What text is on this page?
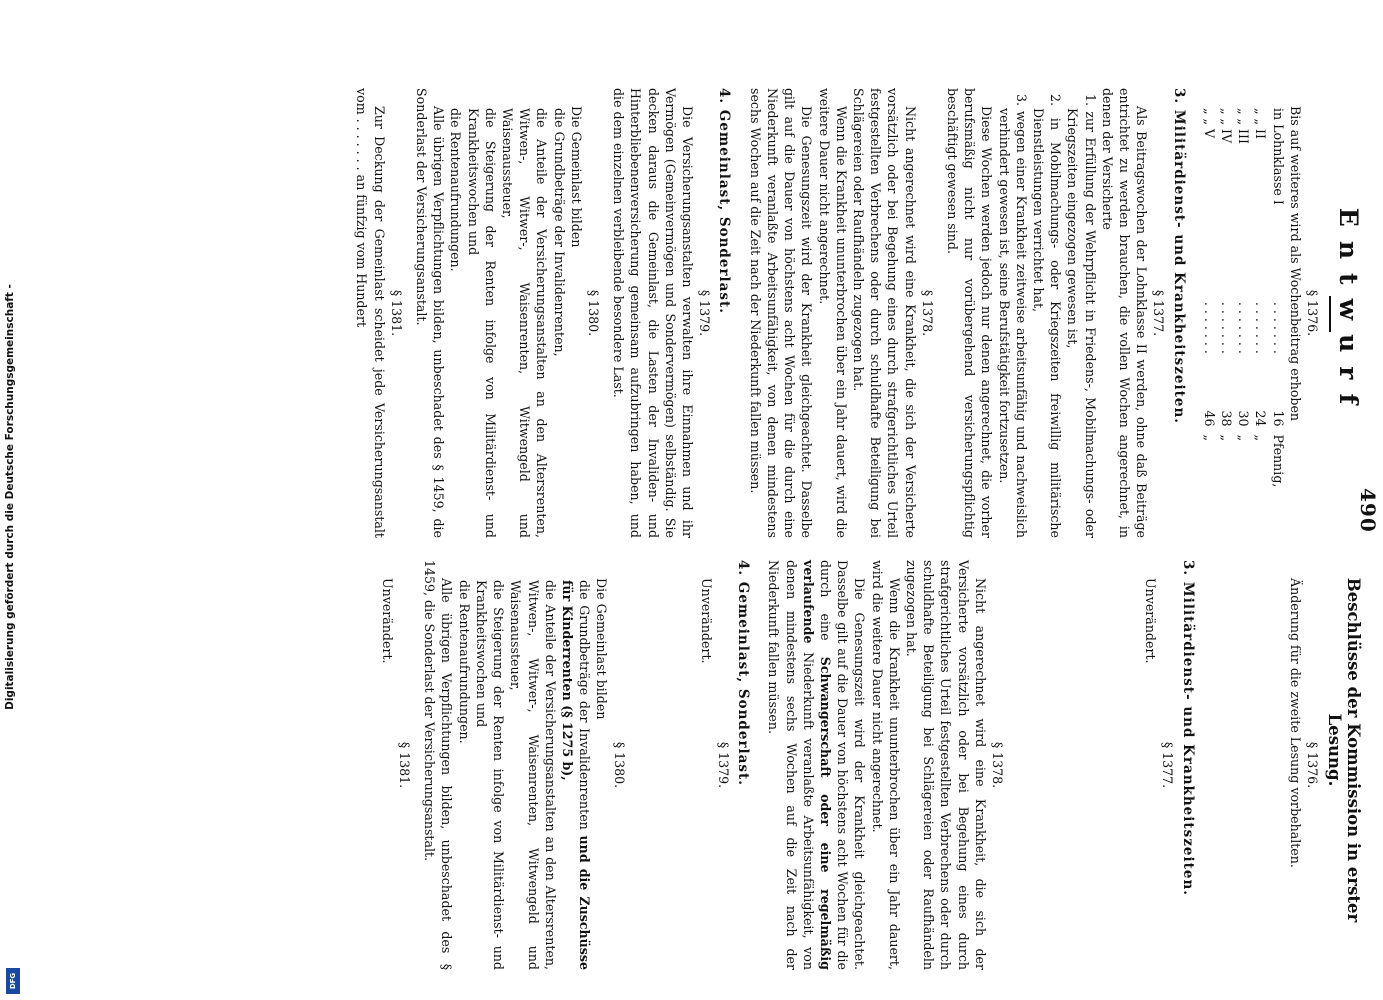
490
Entwurf
Beschlüsse der Kommission in erster Lesung.

§ 1376.

Bis auf weiteres wird als Wochenbeitrag erhoben

in Lohnklasse I	. . . . . . .	16	Pfennig,
„ „ II	. . . . . . .	24	„
„ „ III	. . . . . . .	30	„
„ „ IV	. . . . . . .	38	„
„ „ V	. . . . . . .	46	„

3. Militärdienst- und Krankheitszeiten.

§ 1377.

Als Beitragswochen der Lohnklasse II werden, ohne daß Beiträge entrichtet zu werden brauchen, die vollen Wochen angerechnet, in denen der Versicherte

1. zur Erfüllung der Wehrpflicht in Friedens-, Mobilmachungs- oder Kriegszeiten eingezogen gewesen ist,

2. in Mobilmachungs- oder Kriegszeiten freiwillig militärische Dienstleistungen verrichtet hat,

3. wegen einer Krankheit zeitweise arbeitsunfähig und nachweislich verhindert gewesen ist, seine Berufstätigkeit fortzusetzen.

Diese Wochen werden jedoch nur denen angerechnet, die vorher berufsmäßig nicht nur vorübergehend versicherungspflichtig beschäftigt gewesen sind.

§ 1378.

Nicht angerechnet wird eine Krankheit, die sich der Versicherte vorsätzlich oder bei Begehung eines durch strafgerichtliches Urteil festgestellten Verbrechens oder durch schuldhafte Beteiligung bei Schlägereien oder Raufhändeln zugezogen hat.

Wenn die Krankheit ununterbrochen über ein Jahr dauert, wird die weitere Dauer nicht angerechnet.

Die Genesungszeit wird der Krankheit gleichgeachtet. Dasselbe gilt auf die Dauer von höchstens acht Wochen für die durch eine Niederkunft veranlaßte Arbeitsunfähigkeit, von denen mindestens sechs Wochen auf die Zeit nach der Niederkunft fallen müssen.

4. Gemeinlast, Sonderlast.

§ 1379.

Die Versicherungsanstalten verwalten ihre Einnahmen und ihr Vermögen (Gemeinvermögen und Sondervermögen) selbständig. Sie decken daraus die Gemeinlast, die Lasten der Invaliden- und Hinterbliebenenversicherung gemeinsam aufzubringen haben, und die dem einzelnen verbleibende besondere Last.

§ 1380.

Die Gemeinlast bilden

die Grundbeträge der Invalidenrenten,

die Anteile der Versicherungsanstalten an den Altersrenten, Witwen-, Witwer-, Waisenrenten, Witwengeld und Waisenaussteuer,

die Steigerung der Renten infolge von Militärdienst- und Krankheitswochen und

die Rentenaufrundungen.

Alle übrigen Verpflichtungen bilden, unbeschadet des § 1459, die Sonderlast der Versicherungsanstalt.

§ 1381.

Zur Deckung der Gemeinlast scheidet jede Versicherungsanstalt vom . . . . . . . an fünfzig vom Hundert

§ 1376.

Änderung für die zweite Lesung vorbehalten.

3. Militärdienst- und Krankheitszeiten.

§ 1377.

Unverändert.

§ 1378.

Nicht angerechnet wird eine Krankheit, die sich der Versicherte vorsätzlich oder bei Begehung eines durch strafgerichtliches Urteil festgestellten Verbrechens oder durch schuldhafte Beteiligung bei Schlägereien oder Raufhändeln zugezogen hat.

Wenn die Krankheit ununterbrochen über ein Jahr dauert, wird die weitere Dauer nicht angerechnet.

Die Genesungszeit wird der Krankheit gleichgeachtet. Dasselbe gilt auf die Dauer von höchstens acht Wochen für die durch eine Schwangerschaft oder eine regelmäßig verlaufende Niederkunft veranlaßte Arbeitsunfähigkeit, von denen mindestens sechs Wochen auf die Zeit nach der Niederkunft fallen müssen.

4. Gemeinlast, Sonderlast.

§ 1379.

Unverändert.

§ 1380.

Die Gemeinlast bilden

die Grundbeträge der Invalidenrenten und die Zuschüsse für Kinderrenten (§ 1275 b),

die Anteile der Versicherungsanstalten an den Altersrenten, Witwen-, Witwer-, Waisenrenten, Witwengeld und Waisenaussteuer,

die Steigerung der Renten infolge von Militärdienst- und Krankheitswochen und

die Rentenaufrundungen.

Alle übrigen Verpflichtungen bilden, unbeschadet des § 1459, die Sonderlast der Versicherungsanstalt.

§ 1381.

Unverändert.

Digitalisierung gefördert durch die Deutsche Forschungsgemeinschaft -
DFG
